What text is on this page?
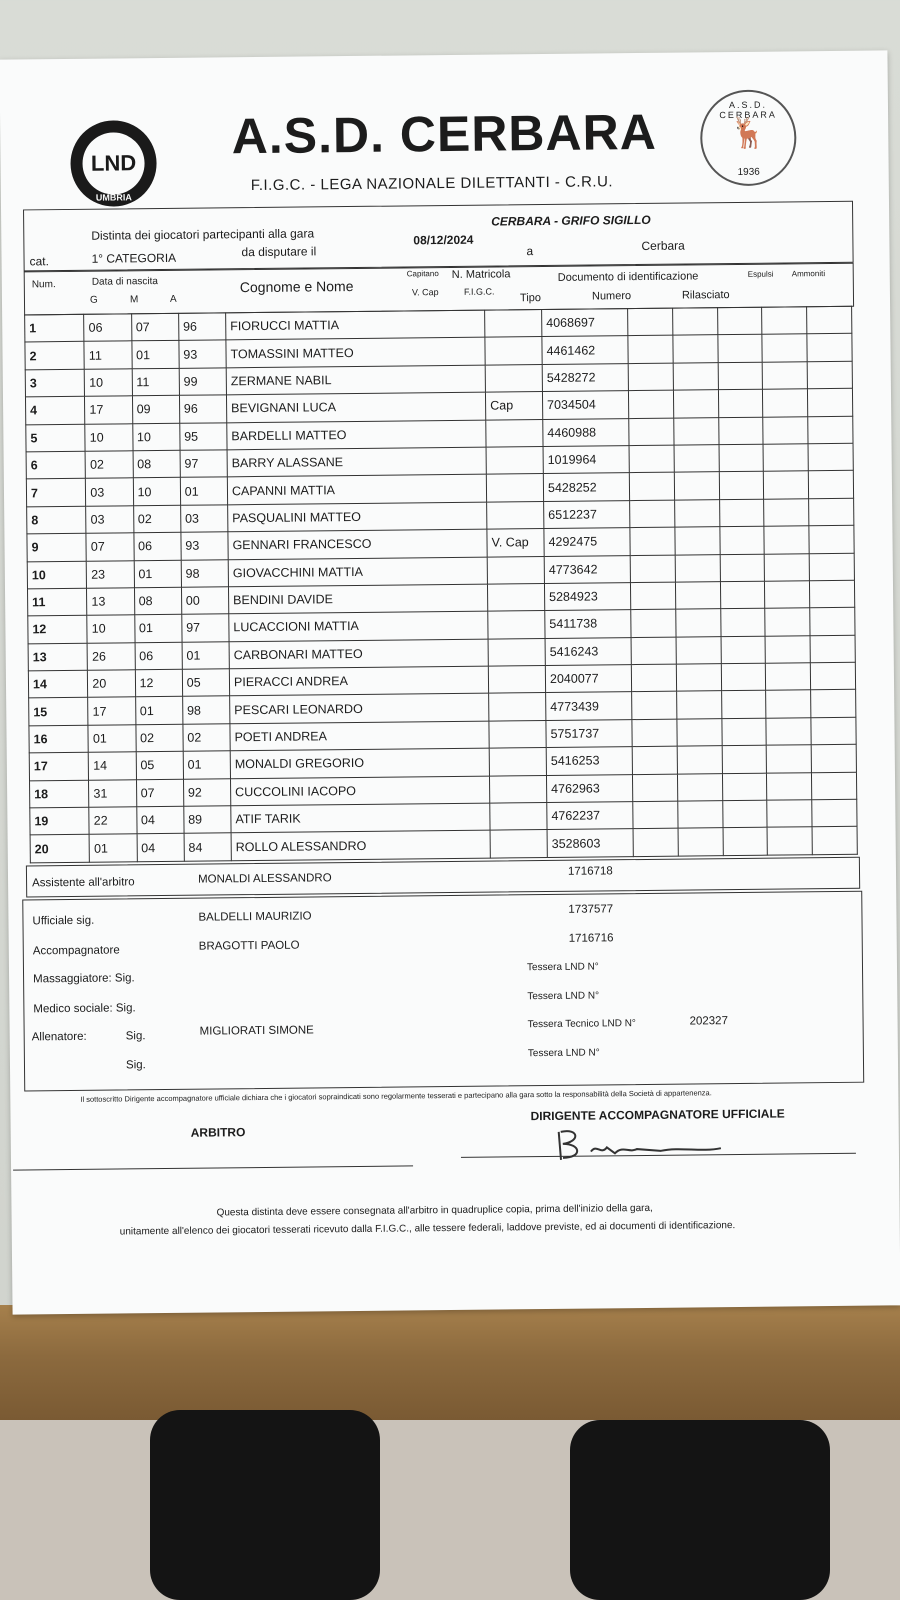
LND
UMBRIA
A.S.D. CERBARA
F.I.G.C. - LEGA NAZIONALE DILETTANTI - C.R.U.
A.S.D. CERBARA
🦌
1936
Distinta dei giocatori partecipanti alla gara
CERBARA - GRIFO SIGILLO
cat.	1° CATEGORIA	da disputare il
08/12/2024
a	Cerbara
Num.	Data di nascita
G	M	A
Cognome e Nome
Capitano
V. Cap
N. Matricola
F.I.G.C.
Tipo
Documento di identificazione
Numero	Rilasciato
Espulsi Ammoniti
1	06	07	96	FIORUCCI MATTIA		4068697					
2	11	01	93	TOMASSINI MATTEO		4461462					
3	10	11	99	ZERMANE NABIL		5428272					
4	17	09	96	BEVIGNANI LUCA	Cap	7034504					
5	10	10	95	BARDELLI MATTEO		4460988					
6	02	08	97	BARRY ALASSANE		1019964					
7	03	10	01	CAPANNI MATTIA		5428252					
8	03	02	03	PASQUALINI MATTEO		6512237					
9	07	06	93	GENNARI FRANCESCO	V. Cap	4292475					
10	23	01	98	GIOVACCHINI MATTIA		4773642					
11	13	08	00	BENDINI DAVIDE		5284923					
12	10	01	97	LUCACCIONI MATTIA		5411738					
13	26	06	01	CARBONARI MATTEO		5416243					
14	20	12	05	PIERACCI ANDREA		2040077					
15	17	01	98	PESCARI LEONARDO		4773439					
16	01	02	02	POETI ANDREA		5751737					
17	14	05	01	MONALDI GREGORIO		5416253					
18	31	07	92	CUCCOLINI IACOPO		4762963					
19	22	04	89	ATIF TARIK		4762237					
20	01	04	84	ROLLO ALESSANDRO		3528603					
Assistente all'arbitro	MONALDI ALESSANDRO
1716718
Ufficiale sig.	BALDELLI MAURIZIO
1737577
Accompagnatore	BRAGOTTI PAOLO
1716716
Massaggiatore: Sig.
Tessera LND N°
Medico sociale: Sig.
Tessera LND N°
Allenatore:	Sig.	MIGLIORATI SIMONE
Tessera Tecnico LND N°	202327
Sig.
Tessera LND N°
Il sottoscritto Dirigente accompagnatore ufficiale dichiara che i giocatori sopraindicati sono regolarmente tesserati e partecipano alla gara sotto la responsabilità della Società di appartenenza.
ARBITRO
DIRIGENTE ACCOMPAGNATORE UFFICIALE
Questa distinta deve essere consegnata all'arbitro in quadruplice copia, prima dell'inizio della gara,
unitamente all'elenco dei giocatori tesserati ricevuto dalla F.I.G.C., alle tessere federali, laddove previste, ed ai documenti di identificazione.
